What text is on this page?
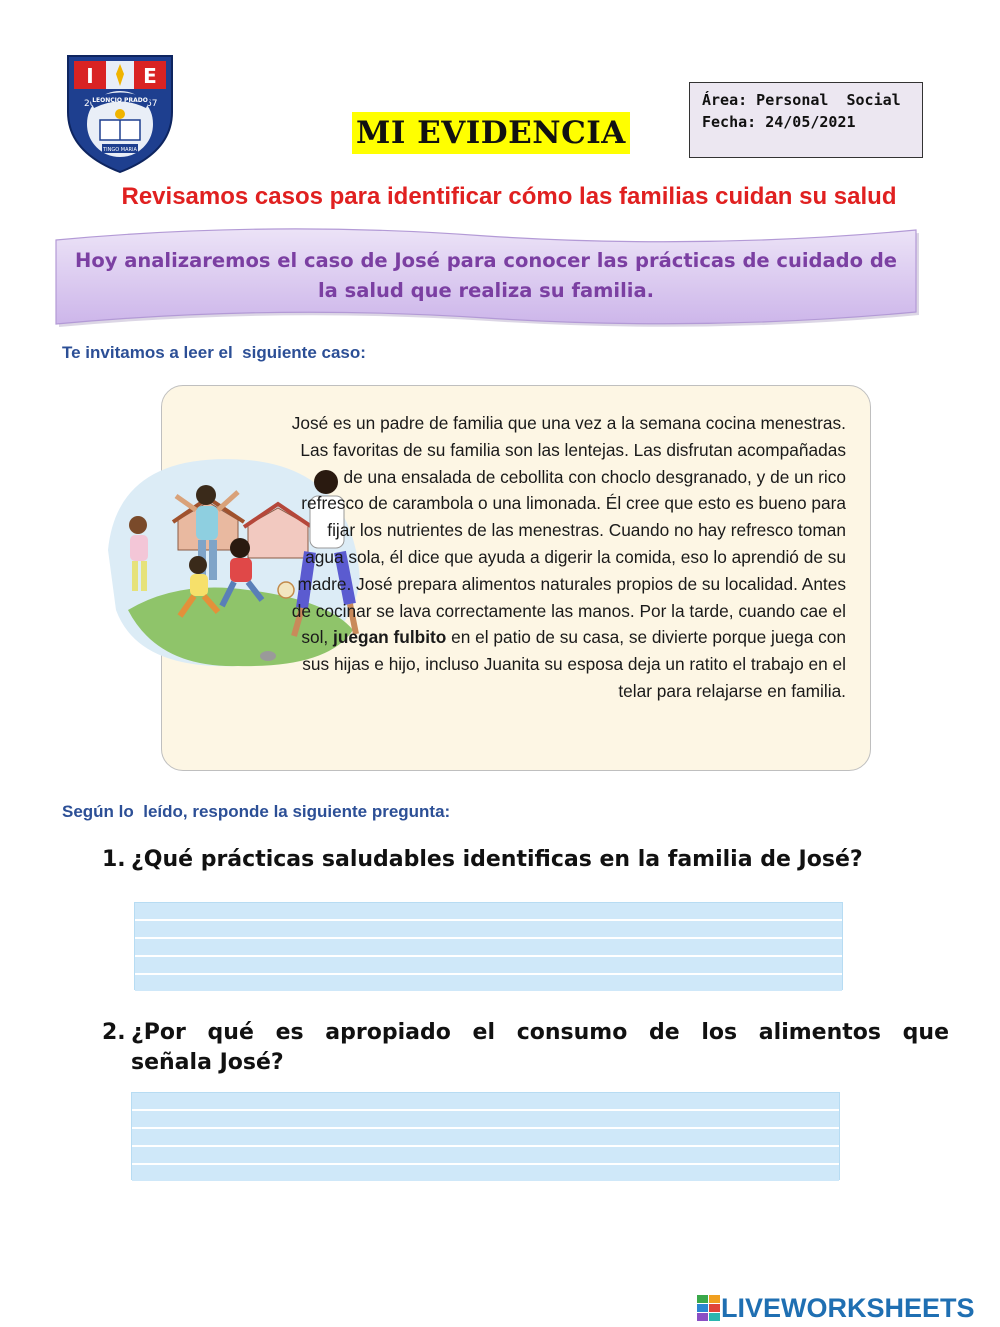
I E
20	67
LEONCIO PRADO
TINGO MARIA	MI EVIDENCIA
Área: Personal  Social
Fecha: 24/05/2021
Revisamos casos para identificar cómo las familias cuidan su salud
Hoy analizaremos el caso de José para conocer las prácticas de cuidado de la salud que realiza su familia.
Te invitamos a leer el  siguiente caso:
José es un padre de familia que una vez a la semana cocina menestras. Las favoritas de su familia son las lentejas. Las disfrutan acompañadas de una ensalada de cebollita con choclo desgranado, y de un rico refresco de carambola o una limonada. Él cree que esto es bueno para fijar los nutrientes de las menestras. Cuando no hay refresco toman agua sola, él dice que ayuda a digerir la comida, eso lo aprendió de su madre. José prepara alimentos naturales propios de su localidad. Antes de cocinar se lava correctamente las manos. Por la tarde, cuando cae el sol, juegan fulbito en el patio de su casa, se divierte porque juega con sus hijas e hijo, incluso Juanita su esposa deja un ratito el trabajo en el telar para relajarse en familia.
Según lo  leído, responde la siguiente pregunta:
1. ¿Qué prácticas saludables identificas en la familia de José?
2. ¿Por qué es apropiado el consumo de los alimentos que
señala José?
LIVEWORKSHEETS
